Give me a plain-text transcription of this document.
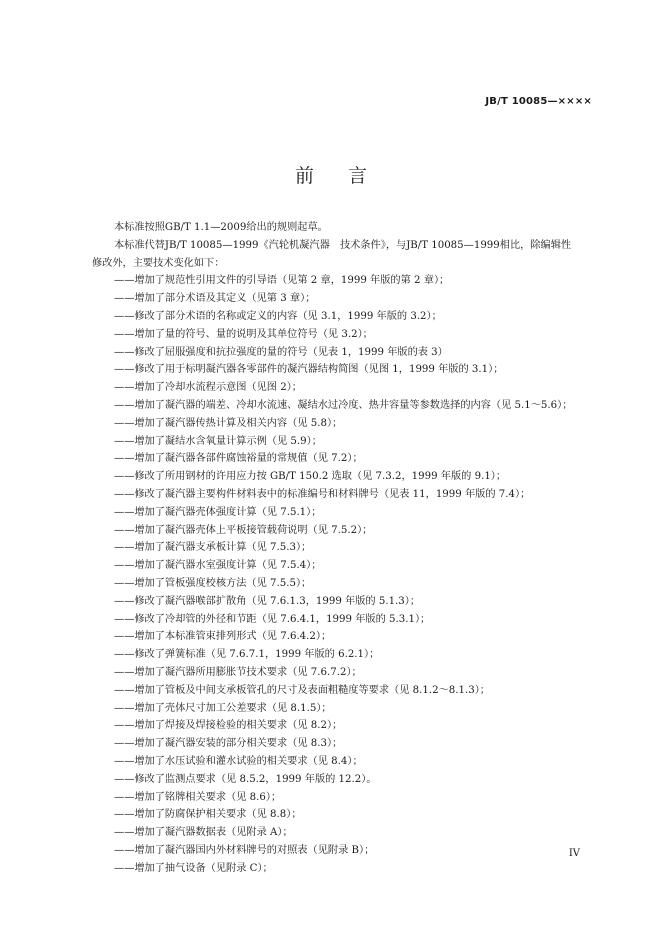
JB/T 10085—××××
前 言
本标准按照GB/T 1.1—2009给出的规则起草。
本标准代替JB/T 10085—1999《汽轮机凝汽器　技术条件》，与JB/T 10085—1999相比，除编辑性
修改外，主要技术变化如下：
——增加了规范性引用文件的引导语（见第 2 章，1999 年版的第 2 章）；
——增加了部分术语及其定义（见第 3 章）；
——修改了部分术语的名称或定义的内容（见 3.1，1999 年版的 3.2）；
——增加了量的符号、量的说明及其单位符号（见 3.2）；
——修改了屈服强度和抗拉强度的量的符号（见表 1，1999 年版的表 3）
——修改了用于标明凝汽器各零部件的凝汽器结构简图（见图 1，1999 年版的 3.1）；
——增加了冷却水流程示意图（见图 2）；
——增加了凝汽器的端差、冷却水流速、凝结水过冷度、热井容量等参数选择的内容（见 5.1～5.6）；
——增加了凝汽器传热计算及相关内容（见 5.8）；
——增加了凝结水含氧量计算示例（见 5.9）；
——增加了凝汽器各部件腐蚀裕量的常规值（见 7.2）；
——修改了所用钢材的许用应力按 GB/T 150.2 选取（见 7.3.2，1999 年版的 9.1）；
——修改了凝汽器主要构件材料表中的标准编号和材料牌号（见表 11，1999 年版的 7.4）；
——增加了凝汽器壳体强度计算（见 7.5.1）；
——增加了凝汽器壳体上平板接管载荷说明（见 7.5.2）；
——增加了凝汽器支承板计算（见 7.5.3）；
——增加了凝汽器水室强度计算（见 7.5.4）；
——增加了管板强度校核方法（见 7.5.5）；
——修改了凝汽器喉部扩散角（见 7.6.1.3，1999 年版的 5.1.3）；
——修改了冷却管的外径和节距（见 7.6.4.1，1999 年版的 5.3.1）；
——增加了本标准管束排列形式（见 7.6.4.2）；
——修改了弹簧标准（见 7.6.7.1，1999 年版的 6.2.1）；
——增加了凝汽器所用膨胀节技术要求（见 7.6.7.2）；
——增加了管板及中间支承板管孔的尺寸及表面粗糙度等要求（见 8.1.2～8.1.3）；
——增加了壳体尺寸加工公差要求（见 8.1.5）；
——增加了焊接及焊接检验的相关要求（见 8.2）；
——增加了凝汽器安装的部分相关要求（见 8.3）；
——增加了水压试验和灌水试验的相关要求（见 8.4）；
——修改了监测点要求（见 8.5.2，1999 年版的 12.2）。
——增加了铭牌相关要求（见 8.6）；
——增加了防腐保护相关要求（见 8.8）；
——增加了凝汽器数据表（见附录 A）；
——增加了凝汽器国内外材料牌号的对照表（见附录 B）；
——增加了抽气设备（见附录 C）；
IV
